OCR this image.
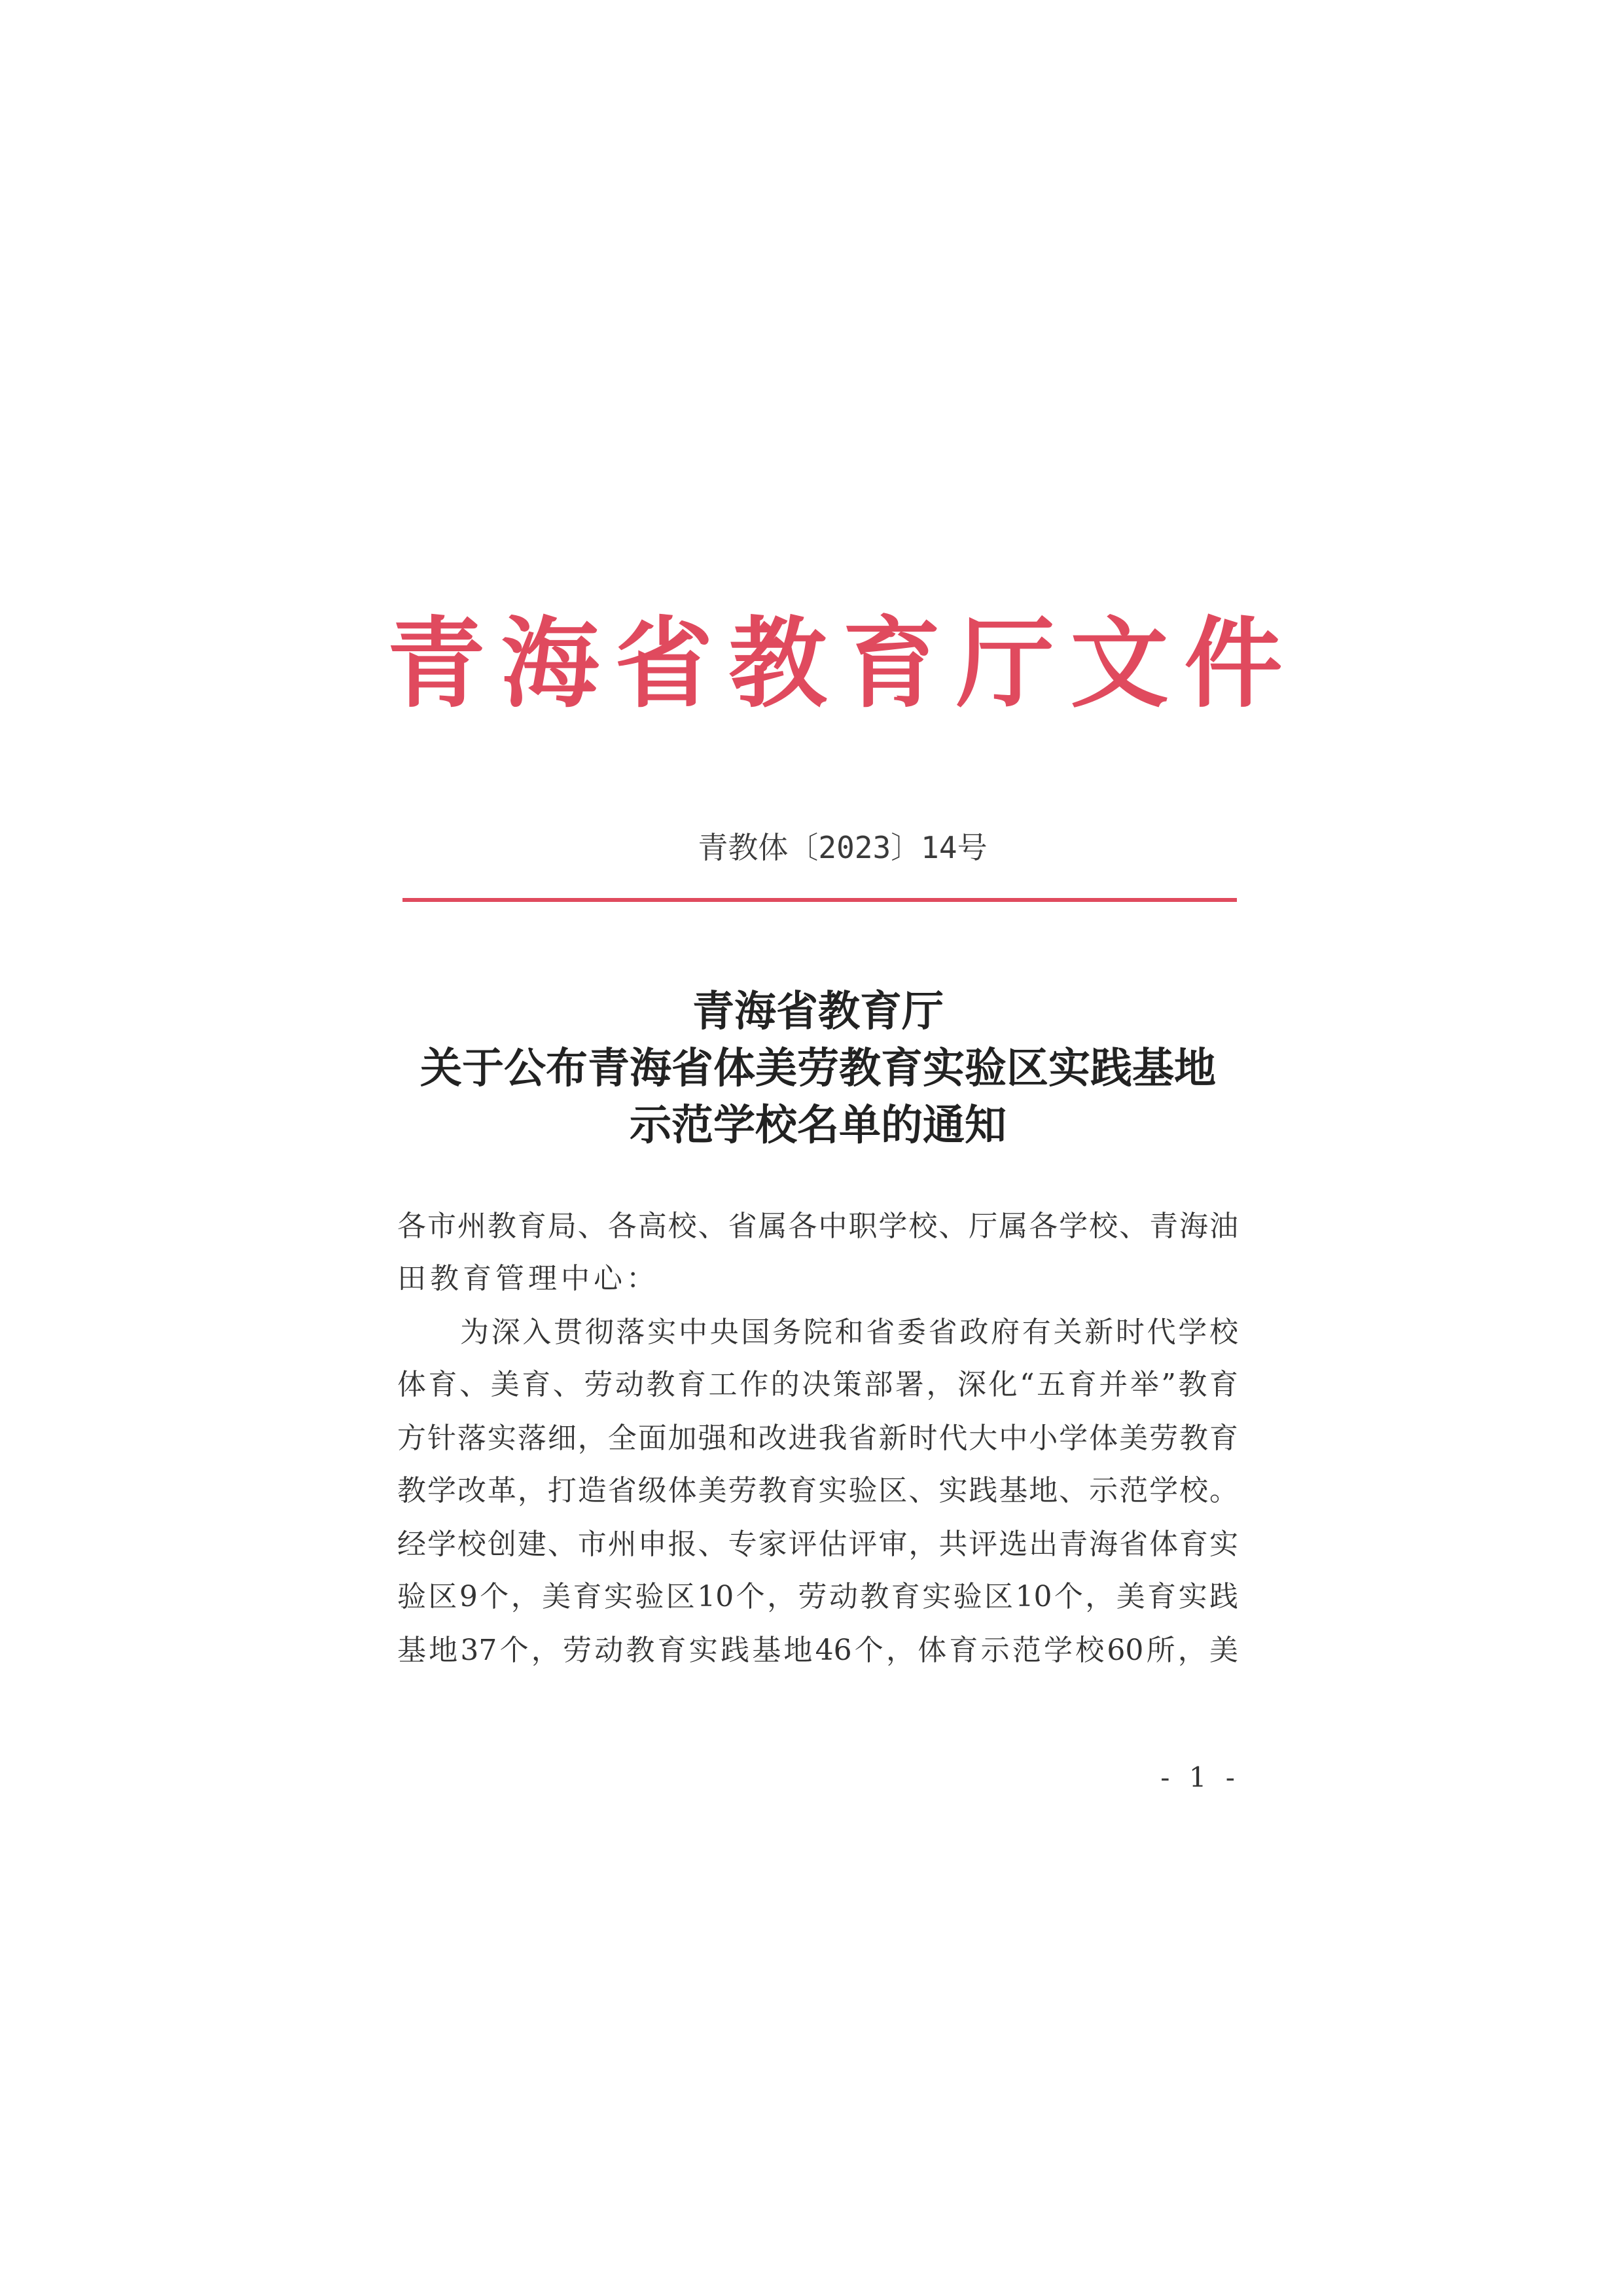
青海省教育厅文件
青教体〔2023〕14号
青海省教育厅
关于公布青海省体美劳教育实验区实践基地
示范学校名单的通知
各市州教育局、各高校、省属各中职学校、厅属各学校、青海油
田教育管理中心：
为深入贯彻落实中央国务院和省委省政府有关新时代学校
体育、美育、劳动教育工作的决策部署，深化“五育并举”教育
方针落实落细，全面加强和改进我省新时代大中小学体美劳教育
教学改革，打造省级体美劳教育实验区、实践基地、示范学校。
经学校创建、市州申报、专家评估评审，共评选出青海省体育实
验区9个，美育实验区10个，劳动教育实验区10个，美育实践
基地37个，劳动教育实践基地46个，体育示范学校60所，美
- 1 -
